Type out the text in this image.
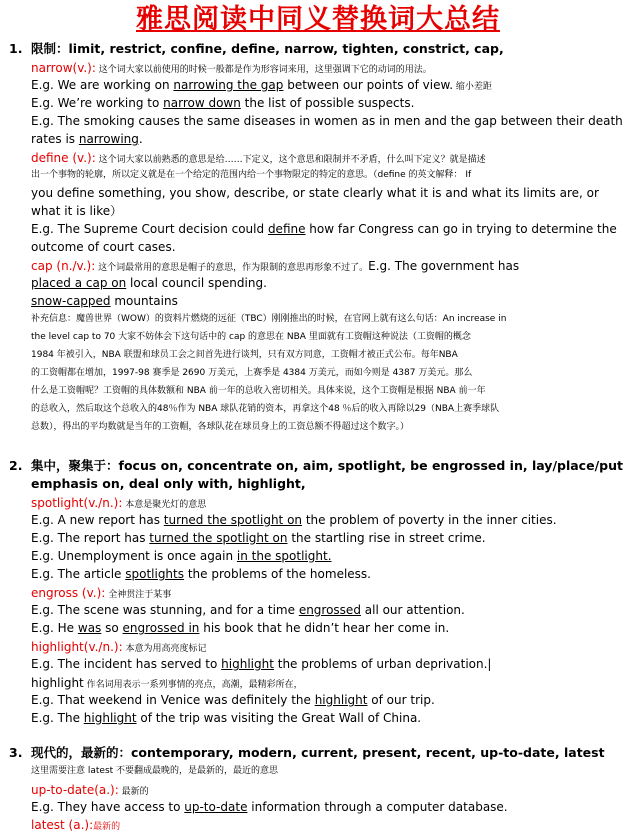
雅思阅读中同义替换词大总结
1. 限制：limit, restrict, confine, define, narrow, tighten, constrict, cap,
narrow(v.): 这个词大家以前使用的时候一般都是作为形容词来用，这里强调下它的动词的用法。
E.g. We are working on narrowing the gap between our points of view. 缩小差距
E.g. We’re working to narrow down the list of possible suspects.
E.g. The smoking causes the same diseases in women as in men and the gap between their death
rates is narrowing.
define (v.): 这个词大家以前熟悉的意思是给……下定义，这个意思和限制并不矛盾，什么叫下定义？就是描述
出一个事物的轮廓，所以定义就是在一个给定的范围内给一个事物限定的特定的意思。（define 的英文解释： If
you define something, you show, describe, or state clearly what it is and what its limits are, or
what it is like）
E.g. The Supreme Court decision could define how far Congress can go in trying to determine the
outcome of court cases.
cap (n./v.): 这个词最常用的意思是帽子的意思，作为限制的意思再形象不过了。E.g. The government has
placed a cap on local council spending.
snow-capped mountains
补充信息：魔兽世界（WOW）的资料片燃烧的远征（TBC）刚刚推出的时候，在官网上就有这么句话：An increase in
the level cap to 70 大家不妨体会下这句话中的 cap 的意思在 NBA 里面就有工资帽这种说法（工资帽的概念
1984 年被引入，NBA 联盟和球员工会之间首先进行谈判，只有双方同意，工资帽才被正式公布。每年NBA
的工资帽都在增加，1997-98 赛季是 2690 万美元，上赛季是 4384 万美元，而如今则是 4387 万美元。那么
什么是工资帽呢？工资帽的具体数额和 NBA 前一年的总收入密切相关。具体来说，这个工资帽是根据 NBA 前一年
的总收入，然后取这个总收入的48％作为 NBA 球队花销的资本，再拿这个48 ％后的收入再除以29（NBA上赛季球队
总数），得出的平均数就是当年的工资帽，各球队花在球员身上的工资总额不得超过这个数字。）
2. 集中，聚集于：focus on, concentrate on, aim, spotlight, be engrossed in, lay/place/put
emphasis on, deal only with, highlight,
spotlight(v./n.): 本意是聚光灯的意思
E.g. A new report has turned the spotlight on the problem of poverty in the inner cities.
E.g. The report has turned the spotlight on the startling rise in street crime.
E.g. Unemployment is once again in the spotlight.
E.g. The article spotlights the problems of the homeless.
engross (v.): 全神贯注于某事
E.g. The scene was stunning, and for a time engrossed all our attention.
E.g. He was so engrossed in his book that he didn’t hear her come in.
highlight(v./n.): 本意为用高亮度标记
E.g. The incident has served to highlight the problems of urban deprivation.|
highlight 作名词用表示一系列事情的亮点，高潮，最精彩所在，
E.g. That weekend in Venice was definitely the highlight of our trip.
E.g. The highlight of the trip was visiting the Great Wall of China.
3. 现代的，最新的：contemporary, modern, current, present, recent, up-to-date, latest
这里需要注意 latest 不要翻成最晚的，是最新的，最近的意思
up-to-date(a.): 最新的
E.g. They have access to up-to-date information through a computer database.
latest (a.):最新的
